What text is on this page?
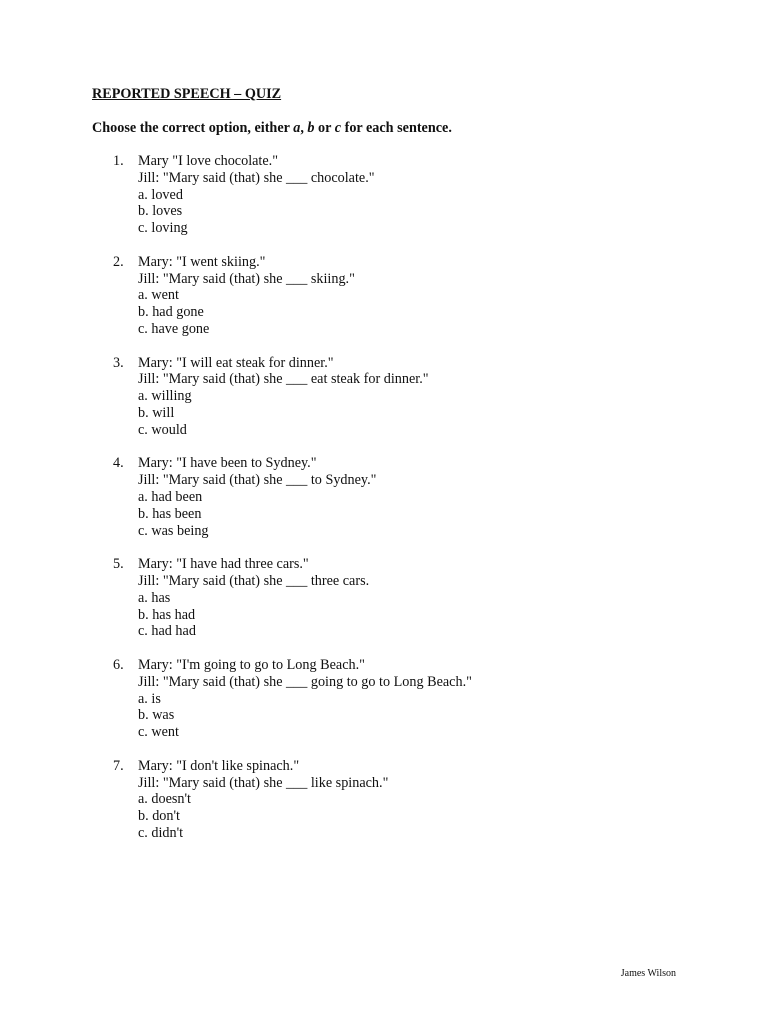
REPORTED SPEECH – QUIZ
Choose the correct option, either a, b or c for each sentence.
1.	Mary "I love chocolate."
Jill: "Mary said (that) she ___ chocolate."
a. loved
b. loves
c. loving
2.	Mary: "I went skiing."
Jill: "Mary said (that) she ___ skiing."
a. went
b. had gone
c. have gone
3.	Mary: "I will eat steak for dinner."
Jill: "Mary said (that) she ___ eat steak for dinner."
a. willing
b. will
c. would
4.	Mary: "I have been to Sydney."
Jill: "Mary said (that) she ___ to Sydney."
a. had been
b. has been
c. was being
5.	Mary: "I have had three cars."
Jill: "Mary said (that) she ___ three cars.
a. has
b. has had
c. had had
6.	Mary: "I'm going to go to Long Beach."
Jill: "Mary said (that) she ___ going to go to Long Beach."
a. is
b. was
c. went
7.	Mary: "I don't like spinach."
Jill: "Mary said (that) she ___ like spinach."
a. doesn't
b. don't
c. didn't
James Wilson
